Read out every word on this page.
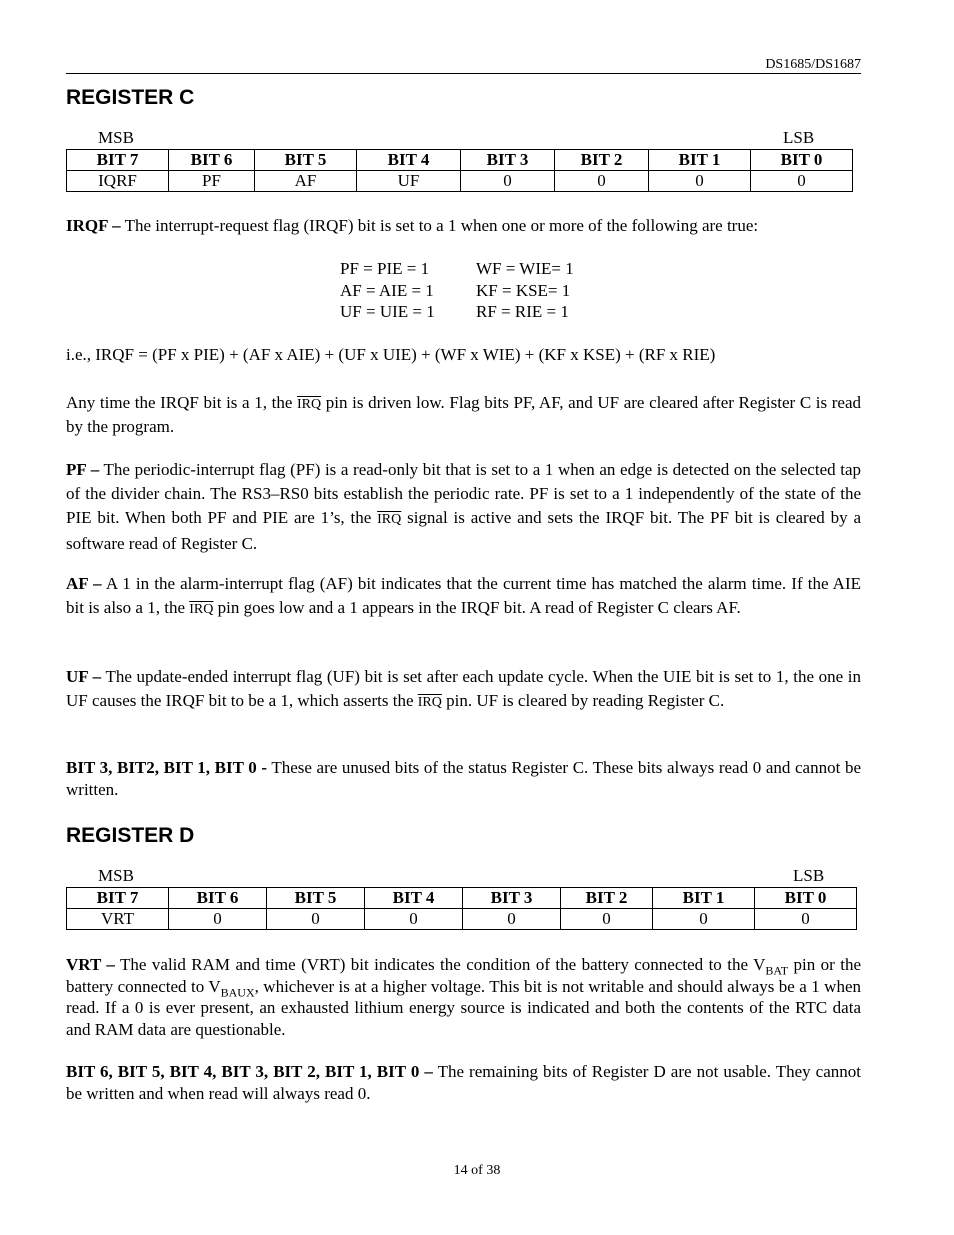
DS1685/DS1687
REGISTER C
MSB	LSB
BIT 7	BIT 6	BIT 5	BIT 4	BIT 3	BIT 2	BIT 1	BIT 0
IQRF	PF	AF	UF	0	0	0	0

IRQF – The interrupt-request flag (IRQF) bit is set to a 1 when one or more of the following are true:

PF = PIE = 1	WF = WIE= 1
AF = AIE = 1	KF = KSE= 1
UF = UIE = 1	RF = RIE = 1

i.e., IRQF = (PF x PIE) + (AF x AIE) + (UF x UIE) + (WF x WIE) + (KF x KSE) + (RF x RIE)

Any time the IRQF bit is a 1, the $\overline{IRQ}$ pin is driven low. Flag bits PF, AF, and UF are cleared after Register C is read by the program.

PF – The periodic-interrupt flag (PF) is a read-only bit that is set to a 1 when an edge is detected on the selected tap of the divider chain. The RS3–RS0 bits establish the periodic rate. PF is set to a 1 independently of the state of the PIE bit. When both PF and PIE are 1’s, the $\overline{IRQ}$ signal is active and sets the IRQF bit. The PF bit is cleared by a software read of Register C.

AF – A 1 in the alarm-interrupt flag (AF) bit indicates that the current time has matched the alarm time. If the AIE bit is also a 1, the $\overline{IRQ}$ pin goes low and a 1 appears in the IRQF bit. A read of Register C clears AF.

UF – The update-ended interrupt flag (UF) bit is set after each update cycle. When the UIE bit is set to 1, the one in UF causes the IRQF bit to be a 1, which asserts the $\overline{IRQ}$ pin. UF is cleared by reading Register C.

BIT 3, BIT2, BIT 1, BIT 0 - These are unused bits of the status Register C. These bits always read 0 and cannot be written.

REGISTER D
MSB	LSB
BIT 7	BIT 6	BIT 5	BIT 4	BIT 3	BIT 2	BIT 1	BIT 0
VRT	0	0	0	0	0	0	0

VRT – The valid RAM and time (VRT) bit indicates the condition of the battery connected to the $V_{BAT}$ pin or the battery connected to $V_{BAUX}$, whichever is at a higher voltage. This bit is not writable and should always be a 1 when read. If a 0 is ever present, an exhausted lithium energy source is indicated and both the contents of the RTC data and RAM data are questionable.

BIT 6, BIT 5, BIT 4, BIT 3, BIT 2, BIT 1, BIT 0 – The remaining bits of Register D are not usable. They cannot be written and when read will always read 0.

14 of 38
